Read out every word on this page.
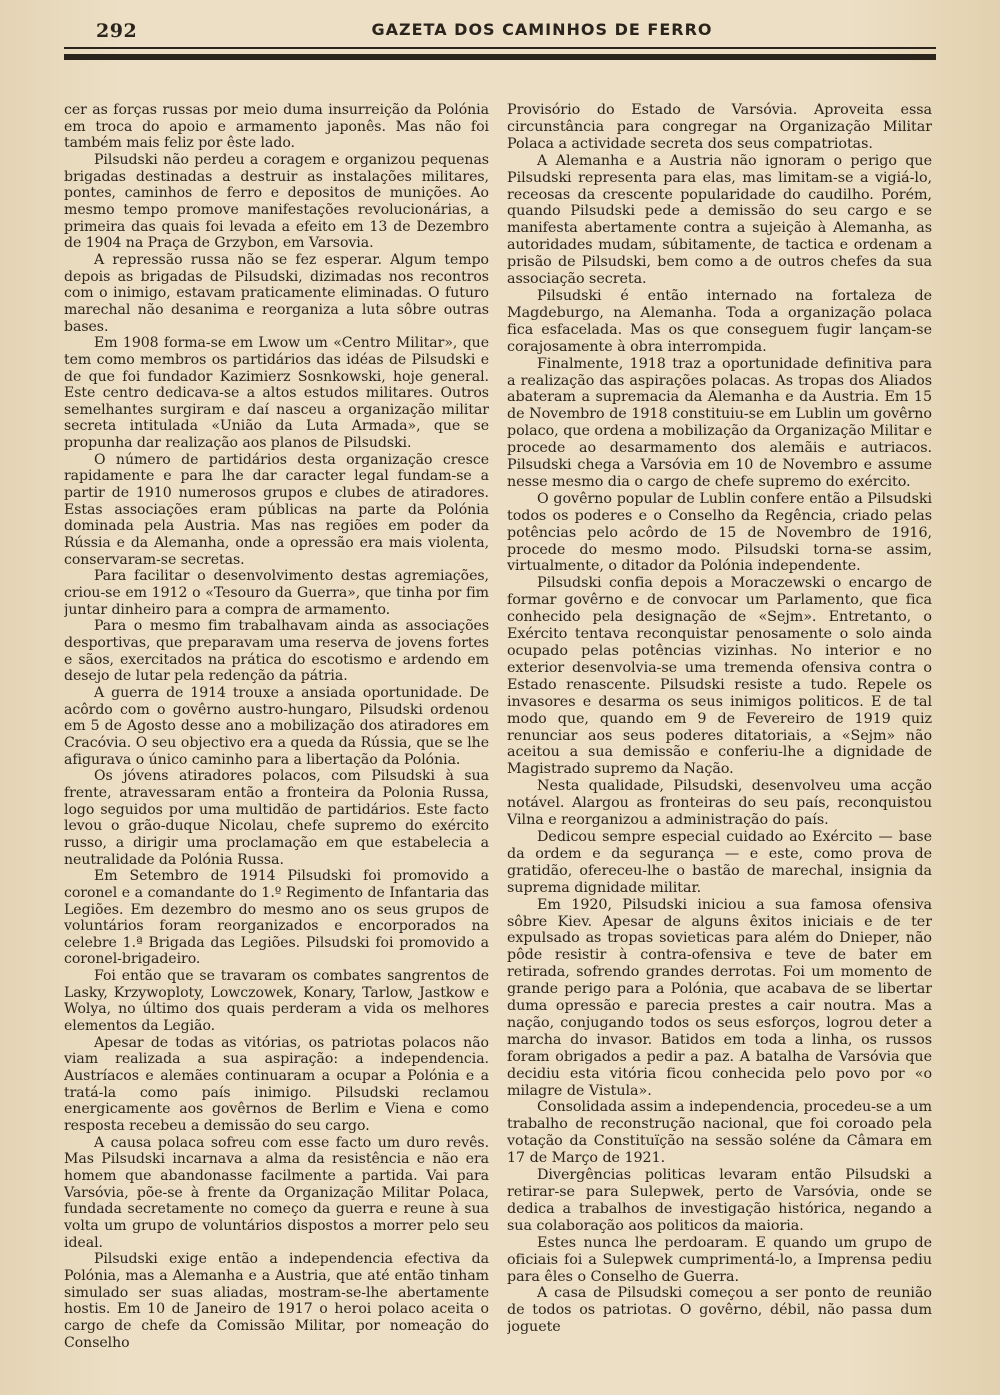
292	GAZETA DOS CAMINHOS DE FERRO

cer as forças russas por meio duma insurreição da Polónia em troca do apoio e armamento japonês. Mas não foi também mais feliz por êste lado.

Pilsudski não perdeu a coragem e organizou pequenas brigadas destinadas a destruir as instalações militares, pontes, caminhos de ferro e depositos de munições. Ao mesmo tempo promove manifestações revolucionárias, a primeira das quais foi levada a efeito em 13 de Dezembro de 1904 na Praça de Grzybon, em Varsovia.

A repressão russa não se fez esperar. Algum tempo depois as brigadas de Pilsudski, dizimadas nos recontros com o inimigo, estavam praticamente eliminadas. O futuro marechal não desanima e reorganiza a luta sôbre outras bases.

Em 1908 forma-se em Lwow um «Centro Militar», que tem como membros os partidários das idéas de Pilsudski e de que foi fundador Kazimierz Sosnkowski, hoje general. Este centro dedicava-se a altos estudos militares. Outros semelhantes surgiram e daí nasceu a organização militar secreta intitulada «União da Luta Armada», que se propunha dar realização aos planos de Pilsudski.

O número de partidários desta organização cresce rapidamente e para lhe dar caracter legal fundam-se a partir de 1910 numerosos grupos e clubes de atiradores. Estas associações eram públicas na parte da Polónia dominada pela Austria. Mas nas regiões em poder da Rússia e da Alemanha, onde a opressão era mais violenta, conservaram-se secretas.

Para facilitar o desenvolvimento destas agremiações, criou-se em 1912 o «Tesouro da Guerra», que tinha por fim juntar dinheiro para a compra de armamento.

Para o mesmo fim trabalhavam ainda as associações desportivas, que preparavam uma reserva de jovens fortes e sãos, exercitados na prática do escotismo e ardendo em desejo de lutar pela redenção da pátria.

A guerra de 1914 trouxe a ansiada oportunidade. De acôrdo com o govêrno austro-hungaro, Pilsudski ordenou em 5 de Agosto desse ano a mobilização dos atiradores em Cracóvia. O seu objectivo era a queda da Rússia, que se lhe afigurava o único caminho para a libertação da Polónia.

Os jóvens atiradores polacos, com Pilsudski à sua frente, atravessaram então a fronteira da Polonia Russa, logo seguidos por uma multidão de partidários. Este facto levou o grão-duque Nicolau, chefe supremo do exército russo, a dirigir uma proclamação em que estabelecia a neutralidade da Polónia Russa.

Em Setembro de 1914 Pilsudski foi promovido a coronel e a comandante do 1.º Regimento de Infantaria das Legiões. Em dezembro do mesmo ano os seus grupos de voluntários foram reorganizados e encorporados na celebre 1.ª Brigada das Legiões. Pilsudski foi promovido a coronel-brigadeiro.

Foi então que se travaram os combates sangrentos de Lasky, Krzywoploty, Lowczowek, Konary, Tarlow, Jastkow e Wolya, no último dos quais perderam a vida os melhores elementos da Legião.

Apesar de todas as vitórias, os patriotas polacos não viam realizada a sua aspiração: a independencia. Austríacos e alemães continuaram a ocupar a Polónia e a tratá-la como país inimigo. Pilsudski reclamou energicamente aos govêrnos de Berlim e Viena e como resposta recebeu a demissão do seu cargo.

A causa polaca sofreu com esse facto um duro revês. Mas Pilsudski incarnava a alma da resistência e não era homem que abandonasse facilmente a partida. Vai para Varsóvia, põe-se à frente da Organização Militar Polaca, fundada secretamente no começo da guerra e reune à sua volta um grupo de voluntários dispostos a morrer pelo seu ideal.

Pilsudski exige então a independencia efectiva da Polónia, mas a Alemanha e a Austria, que até então tinham simulado ser suas aliadas, mostram-se-lhe abertamente hostis. Em 10 de Janeiro de 1917 o heroi polaco aceita o cargo de chefe da Comissão Militar, por nomeação do Conselho

Provisório do Estado de Varsóvia. Aproveita essa circunstância para congregar na Organização Militar Polaca a actividade secreta dos seus compatriotas.

A Alemanha e a Austria não ignoram o perigo que Pilsudski representa para elas, mas limitam-se a vigiá-lo, receosas da crescente popularidade do caudilho. Porém, quando Pilsudski pede a demissão do seu cargo e se manifesta abertamente contra a sujeição à Alemanha, as autoridades mudam, súbitamente, de tactica e ordenam a prisão de Pilsudski, bem como a de outros chefes da sua associação secreta.

Pilsudski é então internado na fortaleza de Magdeburgo, na Alemanha. Toda a organização polaca fica esfacelada. Mas os que conseguem fugir lançam-se corajosamente à obra interrompida.

Finalmente, 1918 traz a oportunidade definitiva para a realização das aspirações polacas. As tropas dos Aliados abateram a supremacia da Alemanha e da Austria. Em 15 de Novembro de 1918 constituiu-se em Lublin um govêrno polaco, que ordena a mobilização da Organização Militar e procede ao desarmamento dos alemãis e autriacos. Pilsudski chega a Varsóvia em 10 de Novembro e assume nesse mesmo dia o cargo de chefe supremo do exército.

O govêrno popular de Lublin confere então a Pilsudski todos os poderes e o Conselho da Regência, criado pelas potências pelo acôrdo de 15 de Novembro de 1916, procede do mesmo modo. Pilsudski torna-se assim, virtualmente, o ditador da Polónia independente.

Pilsudski confia depois a Moraczewski o encargo de formar govêrno e de convocar um Parlamento, que fica conhecido pela designação de «Sejm». Entretanto, o Exército tentava reconquistar penosamente o solo ainda ocupado pelas potências vizinhas. No interior e no exterior desenvolvia-se uma tremenda ofensiva contra o Estado renascente. Pilsudski resiste a tudo. Repele os invasores e desarma os seus inimigos politicos. E de tal modo que, quando em 9 de Fevereiro de 1919 quiz renunciar aos seus poderes ditatoriais, a «Sejm» não aceitou a sua demissão e conferiu-lhe a dignidade de Magistrado supremo da Nação.

Nesta qualidade, Pilsudski, desenvolveu uma acção notável. Alargou as fronteiras do seu país, reconquistou Vilna e reorganizou a administração do país.

Dedicou sempre especial cuidado ao Exército — base da ordem e da segurança — e este, como prova de gratidão, ofereceu-lhe o bastão de marechal, insignia da suprema dignidade militar.

Em 1920, Pilsudski iniciou a sua famosa ofensiva sôbre Kiev. Apesar de alguns êxitos iniciais e de ter expulsado as tropas sovieticas para além do Dnieper, não pôde resistir à contra-ofensiva e teve de bater em retirada, sofrendo grandes derrotas. Foi um momento de grande perigo para a Polónia, que acabava de se libertar duma opressão e parecia prestes a cair noutra. Mas a nação, conjugando todos os seus esforços, logrou deter a marcha do invasor. Batidos em toda a linha, os russos foram obrigados a pedir a paz. A batalha de Varsóvia que decidiu esta vitória ficou conhecida pelo povo por «o milagre de Vistula».

Consolidada assim a independencia, procedeu-se a um trabalho de reconstrução nacional, que foi coroado pela votação da Constituïção na sessão soléne da Câmara em 17 de Março de 1921.

Divergências politicas levaram então Pilsudski a retirar-se para Sulepwek, perto de Varsóvia, onde se dedica a trabalhos de investigação histórica, negando a sua colaboração aos politicos da maioria.

Estes nunca lhe perdoaram. E quando um grupo de oficiais foi a Sulepwek cumprimentá-lo, a Imprensa pediu para êles o Conselho de Guerra.

A casa de Pilsudski começou a ser ponto de reunião de todos os patriotas. O govêrno, débil, não passa dum joguete
